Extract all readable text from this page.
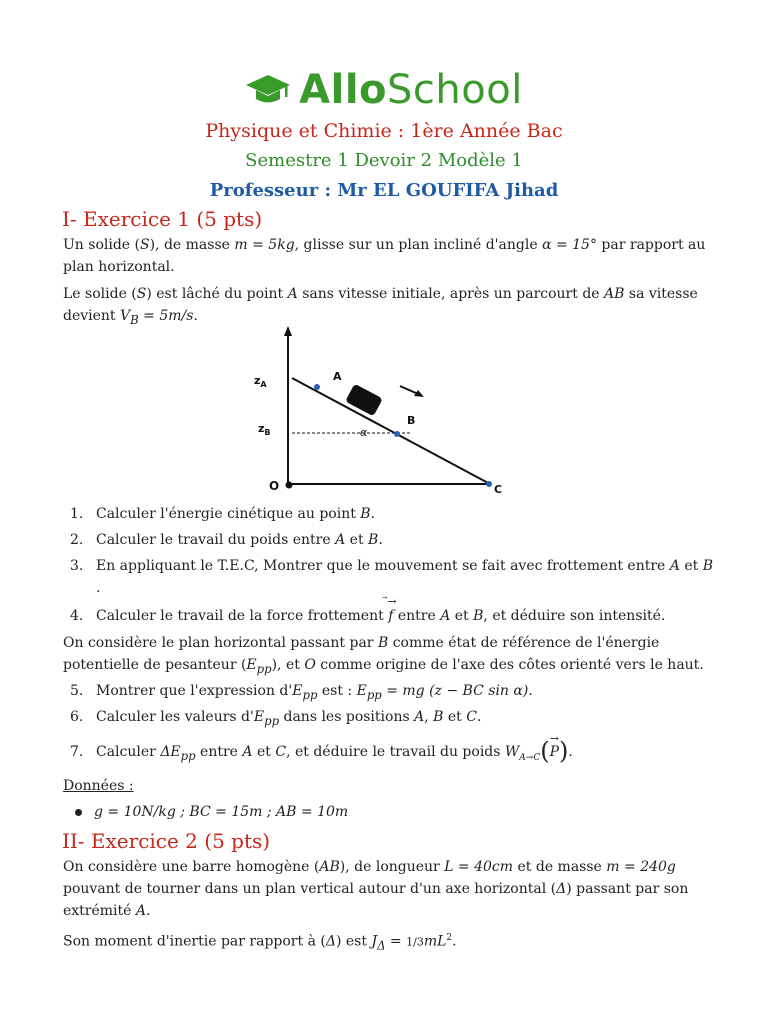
AlloSchool
Physique et Chimie : 1ère Année Bac
Semestre 1 Devoir 2 Modèle 1
Professeur : Mr EL GOUFIFA Jihad
I- Exercice 1 (5 pts)
Un solide (S), de masse m = 5kg, glisse sur un plan incliné d'angle α = 15° par rapport au
plan horizontal.
Le solide (S) est lâché du point A sans vitesse initiale, après un parcourt de AB sa vitesse
devient $V_B = 5m/s$.
$z_A$
$z_B$
A
B
C
O
α
1. Calculer l'énergie cinétique au point B.
2. Calculer le travail du poids entre A et B.
3. En appliquant le T.E.C, Montrer que le mouvement se fait avec frottement entre A et B
.
4. Calculer le travail de la force frottement
⃗→
f entre A et B, et déduire son intensité.
On considère le plan horizontal passant par B comme état de référence de l'énergie
potentielle de pesanteur $(E_{pp})$, et O comme origine de l'axe des côtes orienté vers le haut.
5. Montrer que l'expression $d'E_{pp}$ est : $E_{pp}$ = mg (z − BC sin α).
6. Calculer les valeurs $d'E_{pp}$ dans les positions A, B et C.
7. Calculer $\Delta E_{pp}$ entre A et C, et déduire le travail du poids $W_{A\to C}$( →
P).
Données :
g = 10N/kg ; BC = 15m ; AB = 10m
II- Exercice 2 (5 pts)
On considère une barre homogène (AB), de longueur L = 40cm et de masse m = 240g
pouvant de tourner dans un plan vertical autour d'un axe horizontal (Δ) passant par son
extrémité A.
Son moment d'inertie par rapport à (Δ) est $J_\Delta = 1/3mL^2$.
